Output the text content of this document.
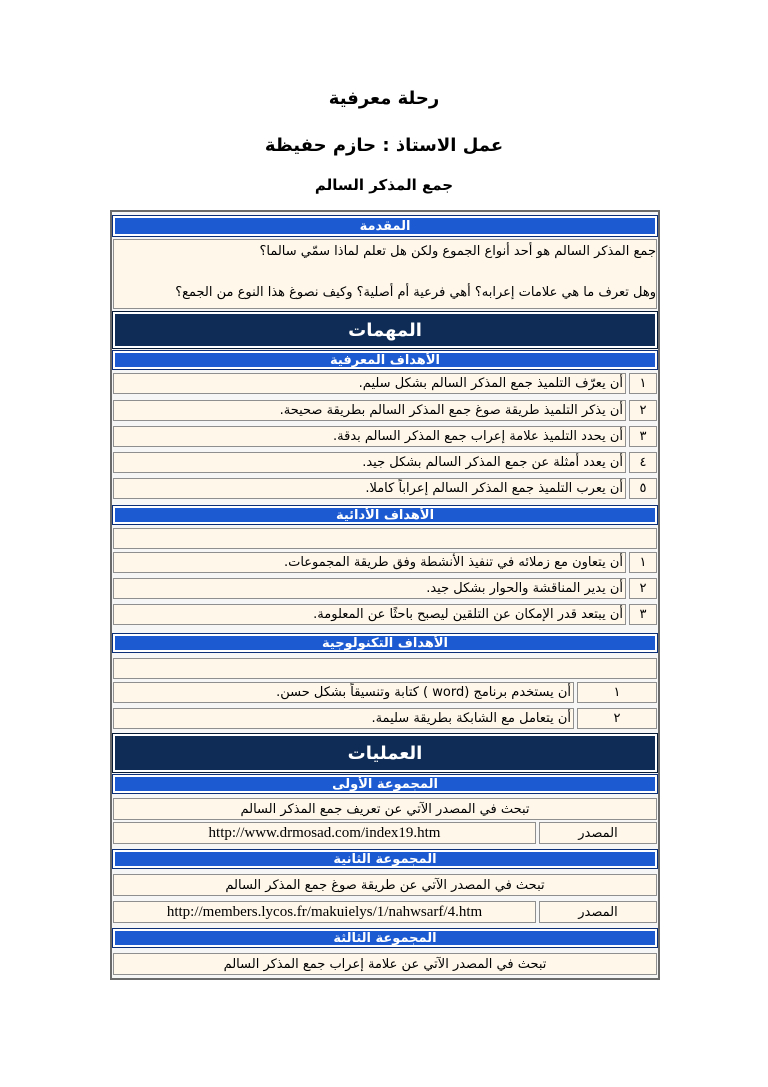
رحلة معرفية
عمل الاستاذ : حازم حفيظة
جمع المذكر السالم
المقدمة
جمع المذكر السالم هو أحد أنواع الجموع ولكن هل تعلم لماذا سمّي سالما؟
وهل تعرف ما هي علامات إعرابه؟ أهي فرعية أم أصلية؟ وكيف نصوغ هذا النوع من الجمع؟
المهمات
الأهداف المعرفية
١
أن يعرّف التلميذ جمع المذكر السالم بشكل سليم.
٢
أن يذكر التلميذ طريقة صوغ جمع المذكر السالم بطريقة صحيحة.
٣
أن يحدد التلميذ علامة إعراب جمع المذكر السالم بدقة.
٤
أن يعدد أمثلة عن جمع المذكر السالم بشكل جيد.
٥
أن يعرب التلميذ جمع المذكر السالم إعراباً كاملا.
الأهداف الأدائية
١
أن يتعاون مع زملائه في تنفيذ الأنشطة وفق طريقة المجموعات.
٢
أن يدير المناقشة والحوار بشكل جيد.
٣
أن يبتعد قدر الإمكان عن التلقين ليصبح باحثًا عن المعلومة.
الأهداف التكنولوجية
١
أن يستخدم برنامج (word ) كتابة وتنسيقاً بشكل حسن.
٢
أن يتعامل مع الشابكة بطريقة سليمة.
العمليات
المجموعة الأولى
تبحث في المصدر الآتي عن تعريف جمع المذكر السالم
المصدر
http://www.drmosad.com/index19.htm
المجموعة الثانية
تبحث في المصدر الآتي عن طريقة صوغ جمع المذكر السالم
المصدر
http://members.lycos.fr/makuielys/1/nahwsarf/4.htm
المجموعة الثالثة
تبحث في المصدر الآتي عن علامة إعراب جمع المذكر السالم
